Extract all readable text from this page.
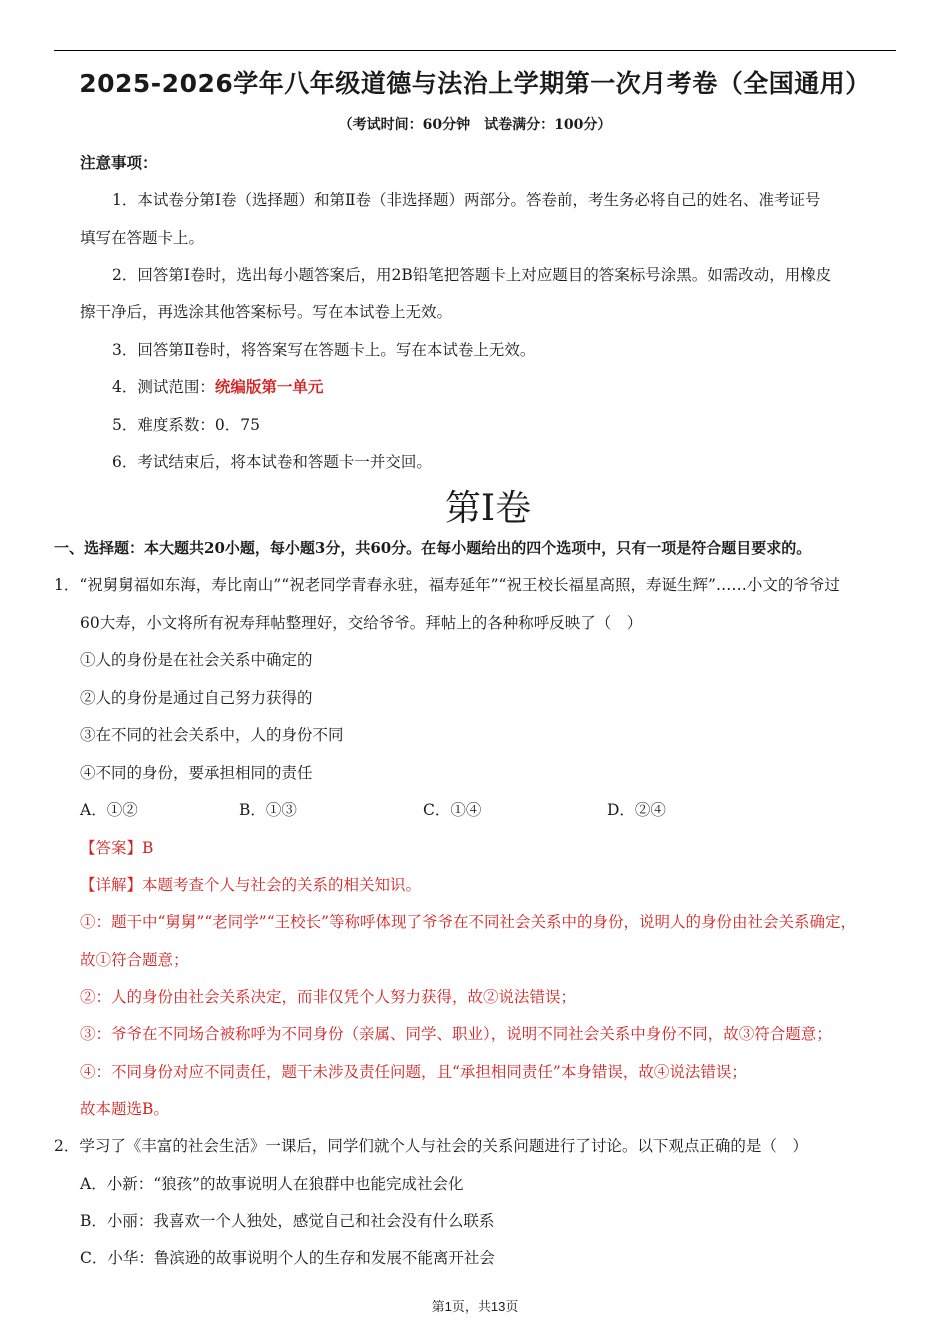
2025-2026学年八年级道德与法治上学期第一次月考卷（全国通用）
（考试时间：60分钟　试卷满分：100分）
注意事项：
1．本试卷分第Ⅰ卷（选择题）和第Ⅱ卷（非选择题）两部分。答卷前，考生务必将自己的姓名、准考证号
填写在答题卡上。
2．回答第Ⅰ卷时，选出每小题答案后，用2B铅笔把答题卡上对应题目的答案标号涂黑。如需改动，用橡皮
擦干净后，再选涂其他答案标号。写在本试卷上无效。
3．回答第Ⅱ卷时，将答案写在答题卡上。写在本试卷上无效。
4．测试范围：统编版第一单元
5．难度系数：0．75
6．考试结束后，将本试卷和答题卡一并交回。
第Ⅰ卷
一、选择题：本大题共20小题，每小题3分，共60分。在每小题给出的四个选项中，只有一项是符合题目要求的。
1．“祝舅舅福如东海，寿比南山”“祝老同学青春永驻，福寿延年”“祝王校长福星高照，寿诞生辉”……小文的爷爷过
60大寿，小文将所有祝寿拜帖整理好，交给爷爷。拜帖上的各种称呼反映了（　）
①人的身份是在社会关系中确定的
②人的身份是通过自己努力获得的
③在不同的社会关系中，人的身份不同
④不同的身份，要承担相同的责任
A．①②	B．①③	C．①④	D．②④
【答案】B
【详解】本题考查个人与社会的关系的相关知识。
①：题干中“舅舅”“老同学”“王校长”等称呼体现了爷爷在不同社会关系中的身份，说明人的身份由社会关系确定，
故①符合题意；
②：人的身份由社会关系决定，而非仅凭个人努力获得，故②说法错误；
③：爷爷在不同场合被称呼为不同身份（亲属、同学、职业），说明不同社会关系中身份不同，故③符合题意；
④：不同身份对应不同责任，题干未涉及责任问题，且“承担相同责任”本身错误，故④说法错误；
故本题选B。
2．学习了《丰富的社会生活》一课后，同学们就个人与社会的关系问题进行了讨论。以下观点正确的是（　）
A．小新：“狼孩”的故事说明人在狼群中也能完成社会化
B．小丽：我喜欢一个人独处，感觉自己和社会没有什么联系
C．小华：鲁滨逊的故事说明个人的生存和发展不能离开社会
第1页，共13页
